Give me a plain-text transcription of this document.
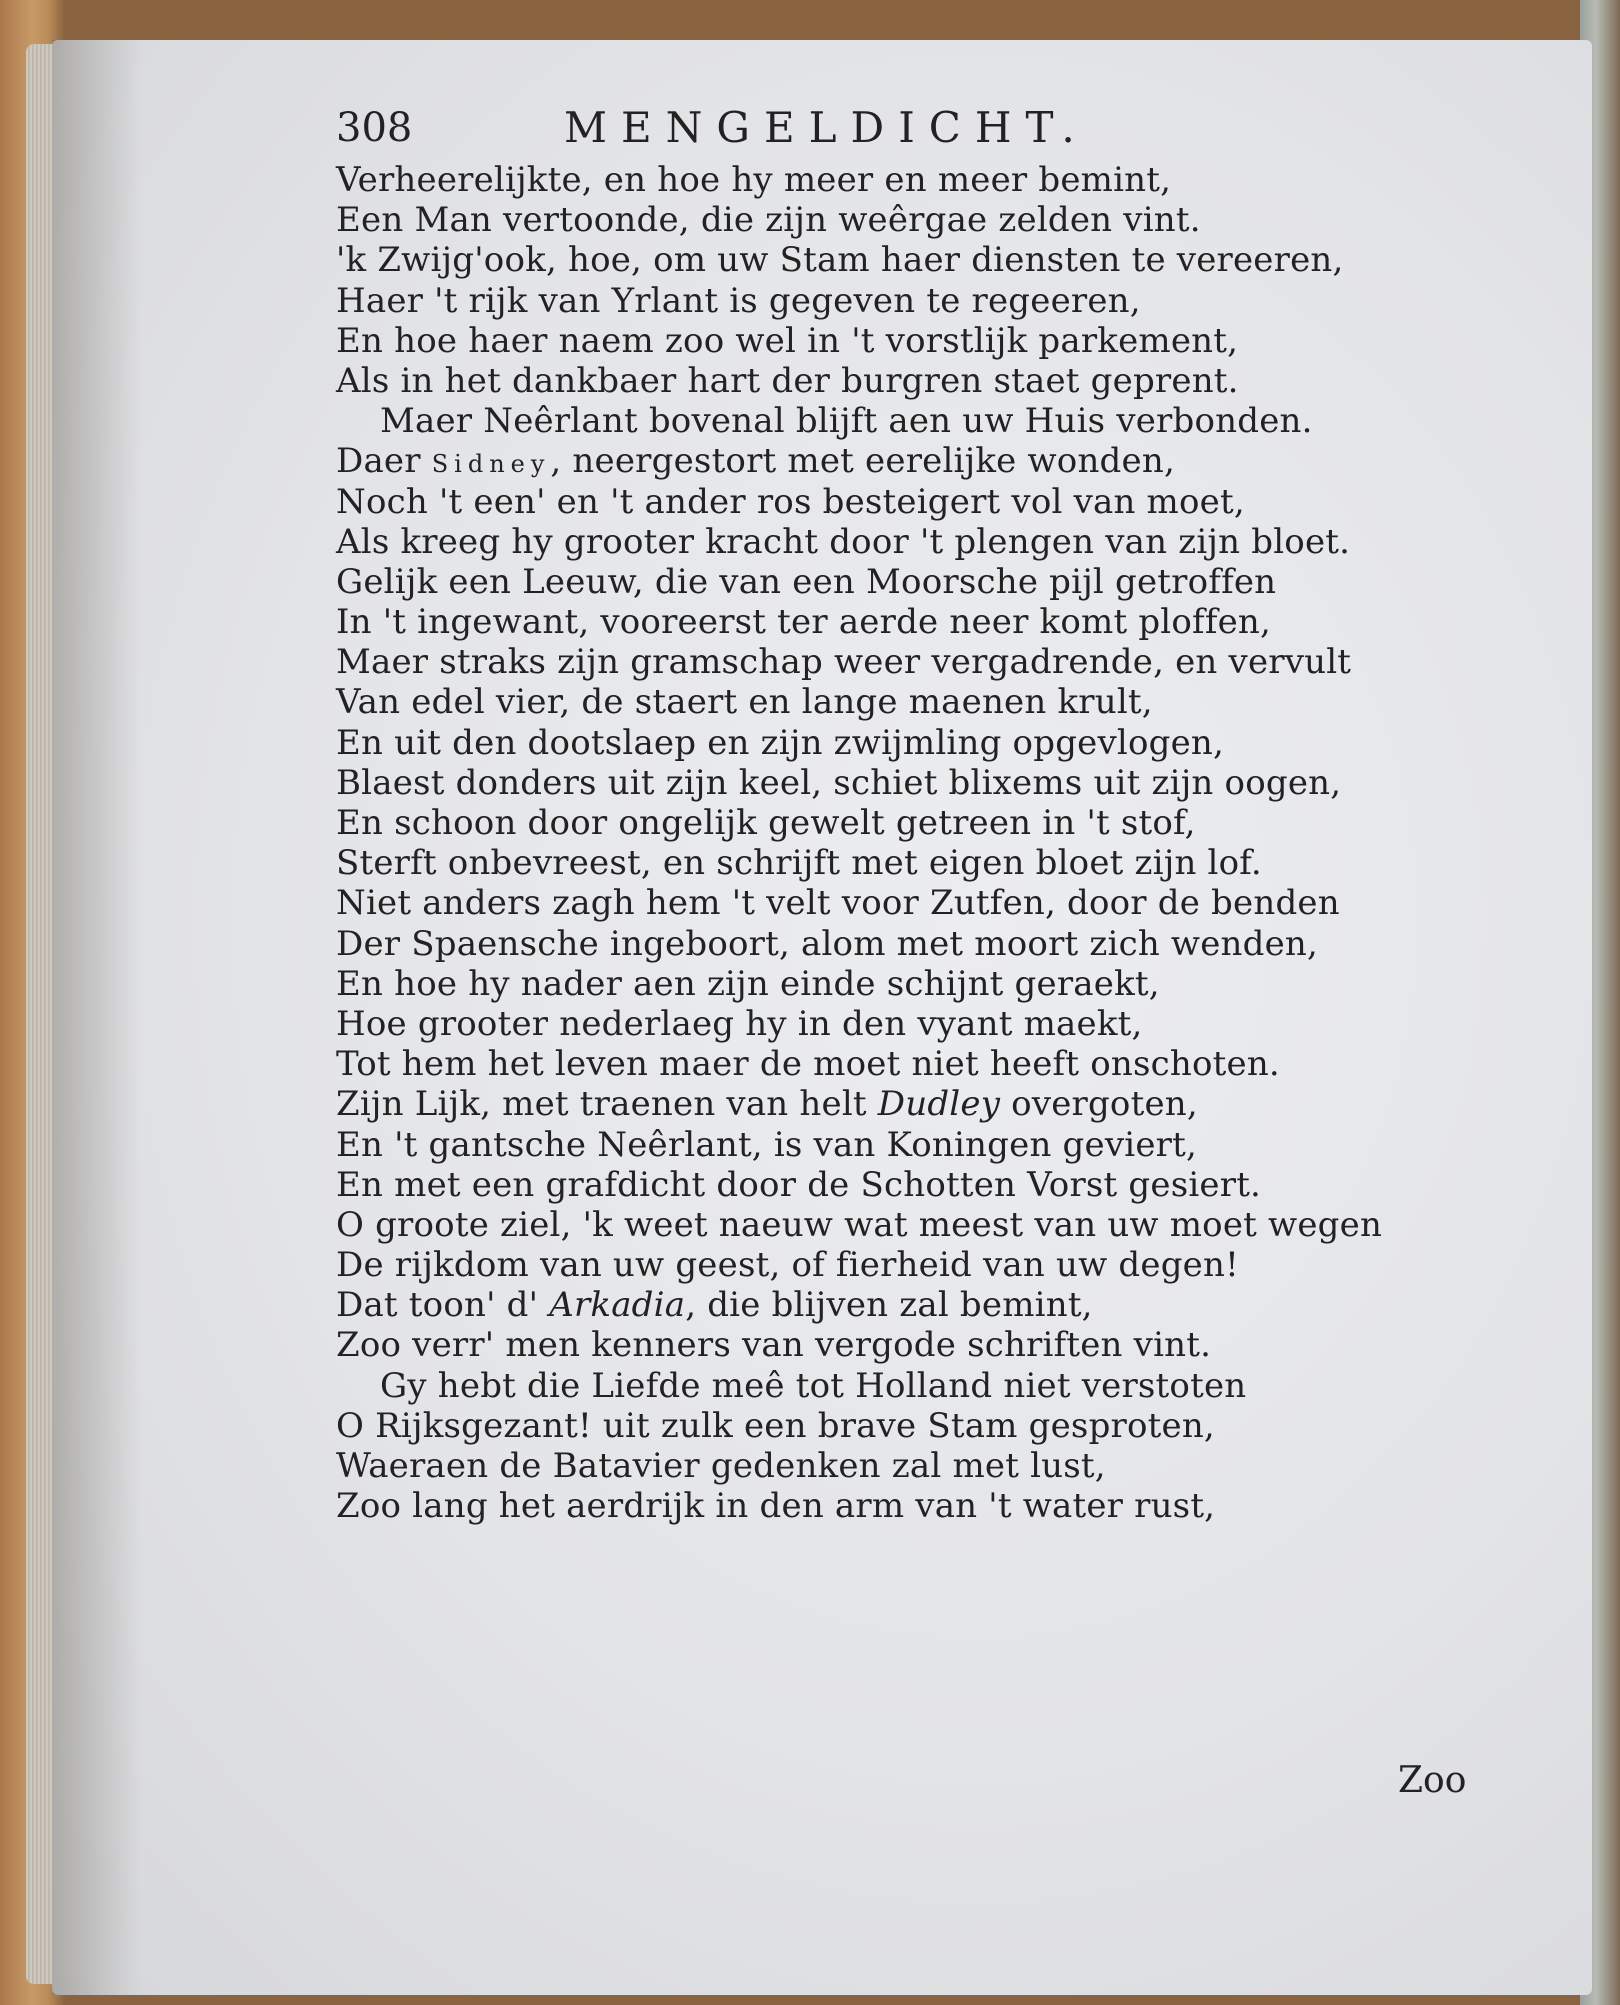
308	MENGELDICHT.
Verheerelijkte, en hoe hy meer en meer bemint,
Een Man vertoonde, die zijn weêrgae zelden vint.
'k Zwijg'ook, hoe, om uw Stam haer diensten te vereeren,
Haer 't rijk van Yrlant is gegeven te regeeren,
En hoe haer naem zoo wel in 't vorstlijk parkement,
Als in het dankbaer hart der burgren staet geprent.
Maer Neêrlant bovenal blijft aen uw Huis verbonden.
Daer Sidney, neergestort met eerelijke wonden,
Noch 't een' en 't ander ros besteigert vol van moet,
Als kreeg hy grooter kracht door 't plengen van zijn bloet.
Gelijk een Leeuw, die van een Moorsche pijl getroffen
In 't ingewant, vooreerst ter aerde neer komt ploffen,
Maer straks zijn gramschap weer vergadrende, en vervult
Van edel vier, de staert en lange maenen krult,
En uit den dootslaep en zijn zwijmling opgevlogen,
Blaest donders uit zijn keel, schiet blixems uit zijn oogen,
En schoon door ongelijk gewelt getreen in 't stof,
Sterft onbevreest, en schrijft met eigen bloet zijn lof.
Niet anders zagh hem 't velt voor Zutfen, door de benden
Der Spaensche ingeboort, alom met moort zich wenden,
En hoe hy nader aen zijn einde schijnt geraekt,
Hoe grooter nederlaeg hy in den vyant maekt,
Tot hem het leven maer de moet niet heeft onschoten.
Zijn Lijk, met traenen van helt Dudley overgoten,
En 't gantsche Neêrlant, is van Koningen geviert,
En met een grafdicht door de Schotten Vorst gesiert.
O groote ziel, 'k weet naeuw wat meest van uw moet wegen
De rijkdom van uw geest, of fierheid van uw degen!
Dat toon' d' Arkadia, die blijven zal bemint,
Zoo verr' men kenners van vergode schriften vint.
Gy hebt die Liefde meê tot Holland niet verstoten
O Rijksgezant! uit zulk een brave Stam gesproten,
Waeraen de Batavier gedenken zal met lust,
Zoo lang het aerdrijk in den arm van 't water rust,
Zoo
